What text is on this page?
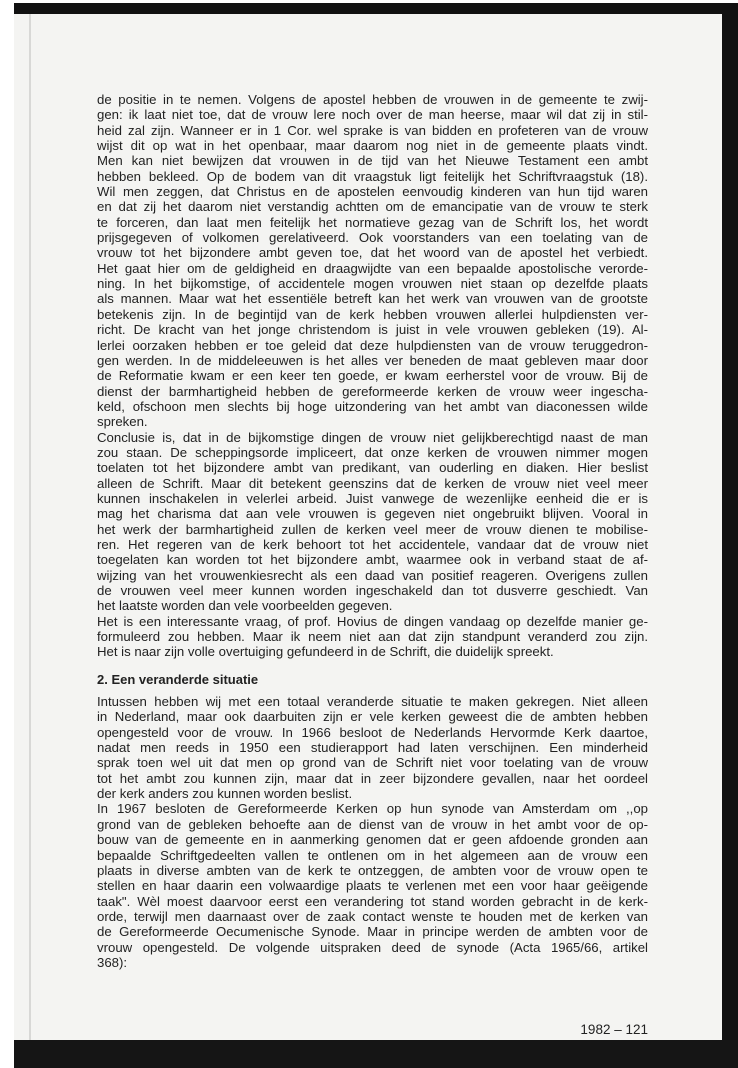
de positie in te nemen. Volgens de apostel hebben de vrouwen in de gemeente te zwij-
gen: ik laat niet toe, dat de vrouw lere noch over de man heerse, maar wil dat zij in stil-
heid zal zijn. Wanneer er in 1 Cor. wel sprake is van bidden en profeteren van de vrouw
wijst dit op wat in het openbaar, maar daarom nog niet in de gemeente plaats vindt.
Men kan niet bewijzen dat vrouwen in de tijd van het Nieuwe Testament een ambt
hebben bekleed. Op de bodem van dit vraagstuk ligt feitelijk het Schriftvraagstuk (18).
Wil men zeggen, dat Christus en de apostelen eenvoudig kinderen van hun tijd waren
en dat zij het daarom niet verstandig achtten om de emancipatie van de vrouw te sterk
te forceren, dan laat men feitelijk het normatieve gezag van de Schrift los, het wordt
prijsgegeven of volkomen gerelativeerd. Ook voorstanders van een toelating van de
vrouw tot het bijzondere ambt geven toe, dat het woord van de apostel het verbiedt.
Het gaat hier om de geldigheid en draagwijdte van een bepaalde apostolische verorde-
ning. In het bijkomstige, of accidentele mogen vrouwen niet staan op dezelfde plaats
als mannen. Maar wat het essentiële betreft kan het werk van vrouwen van de grootste
betekenis zijn. In de begintijd van de kerk hebben vrouwen allerlei hulpdiensten ver-
richt. De kracht van het jonge christendom is juist in vele vrouwen gebleken (19). Al-
lerlei oorzaken hebben er toe geleid dat deze hulpdiensten van de vrouw teruggedron-
gen werden. In de middeleeuwen is het alles ver beneden de maat gebleven maar door
de Reformatie kwam er een keer ten goede, er kwam eerherstel voor de vrouw. Bij de
dienst der barmhartigheid hebben de gereformeerde kerken de vrouw weer ingescha-
keld, ofschoon men slechts bij hoge uitzondering van het ambt van diaconessen wilde
spreken.
Conclusie is, dat in de bijkomstige dingen de vrouw niet gelijkberechtigd naast de man
zou staan. De scheppingsorde impliceert, dat onze kerken de vrouwen nimmer mogen
toelaten tot het bijzondere ambt van predikant, van ouderling en diaken. Hier beslist
alleen de Schrift. Maar dit betekent geenszins dat de kerken de vrouw niet veel meer
kunnen inschakelen in velerlei arbeid. Juist vanwege de wezenlijke eenheid die er is
mag het charisma dat aan vele vrouwen is gegeven niet ongebruikt blijven. Vooral in
het werk der barmhartigheid zullen de kerken veel meer de vrouw dienen te mobilise-
ren. Het regeren van de kerk behoort tot het accidentele, vandaar dat de vrouw niet
toegelaten kan worden tot het bijzondere ambt, waarmee ook in verband staat de af-
wijzing van het vrouwenkiesrecht als een daad van positief reageren. Overigens zullen
de vrouwen veel meer kunnen worden ingeschakeld dan tot dusverre geschiedt. Van
het laatste worden dan vele voorbeelden gegeven.
Het is een interessante vraag, of prof. Hovius de dingen vandaag op dezelfde manier ge-
formuleerd zou hebben. Maar ik neem niet aan dat zijn standpunt veranderd zou zijn.
Het is naar zijn volle overtuiging gefundeerd in de Schrift, die duidelijk spreekt.
2. Een veranderde situatie
Intussen hebben wij met een totaal veranderde situatie te maken gekregen. Niet alleen
in Nederland, maar ook daarbuiten zijn er vele kerken geweest die de ambten hebben
opengesteld voor de vrouw. In 1966 besloot de Nederlands Hervormde Kerk daartoe,
nadat men reeds in 1950 een studierapport had laten verschijnen. Een minderheid
sprak toen wel uit dat men op grond van de Schrift niet voor toelating van de vrouw
tot het ambt zou kunnen zijn, maar dat in zeer bijzondere gevallen, naar het oordeel
der kerk anders zou kunnen worden beslist.
In 1967 besloten de Gereformeerde Kerken op hun synode van Amsterdam om ,,op
grond van de gebleken behoefte aan de dienst van de vrouw in het ambt voor de op-
bouw van de gemeente en in aanmerking genomen dat er geen afdoende gronden aan
bepaalde Schriftgedeelten vallen te ontlenen om in het algemeen aan de vrouw een
plaats in diverse ambten van de kerk te ontzeggen, de ambten voor de vrouw open te
stellen en haar daarin een volwaardige plaats te verlenen met een voor haar geëigende
taak". Wèl moest daarvoor eerst een verandering tot stand worden gebracht in de kerk-
orde, terwijl men daarnaast over de zaak contact wenste te houden met de kerken van
de Gereformeerde Oecumenische Synode. Maar in principe werden de ambten voor de
vrouw opengesteld. De volgende uitspraken deed de synode (Acta 1965/66, artikel
368):
1982 – 121
